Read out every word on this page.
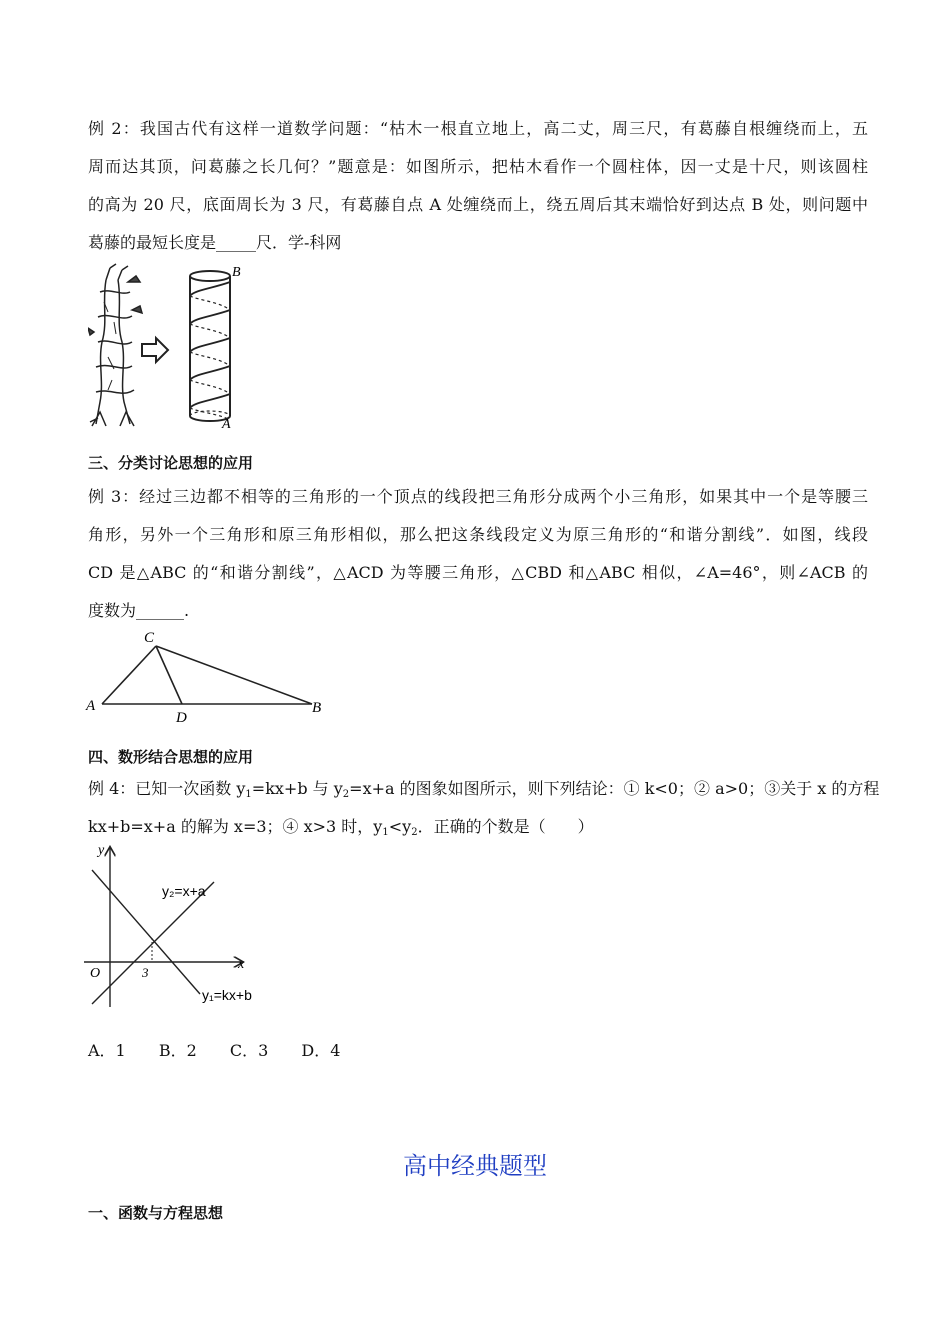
例 2：我国古代有这样一道数学问题：“枯木一根直立地上，高二丈，周三尺，有葛藤自根缠绕而上，五
周而达其顶，问葛藤之长几何？”题意是：如图所示，把枯木看作一个圆柱体，因一丈是十尺，则该圆柱
的高为 20 尺，底面周长为 3 尺，有葛藤自点 A 处缠绕而上，绕五周后其末端恰好到达点 B 处，则问题中
葛藤的最短长度是_____尺．学-科网
B
A
三、分类讨论思想的应用
例 3：经过三边都不相等的三角形的一个顶点的线段把三角形分成两个小三角形，如果其中一个是等腰三
角形，另外一个三角形和原三角形相似，那么把这条线段定义为原三角形的“和谐分割线”．如图，线段
CD 是△ABC 的“和谐分割线”，△ACD 为等腰三角形，△CBD 和△ABC 相似，∠A=46°，则∠ACB 的
度数为______.
C
A
D
B
四、数形结合思想的应用
例 4：已知一次函数 $y_1=kx+b$ 与 $y_2=x+a$ 的图象如图所示，则下列结论：① k<0；② a>0；③关于 x 的方程
kx+b=x+a 的解为 x=3；④ x>3 时，$y_1<y_2$．正确的个数是（　　）
y
x
O	3
y₂=x+a
y₁=kx+b
A．1 B．2 C．3 D．4
高中经典题型
一、函数与方程思想
